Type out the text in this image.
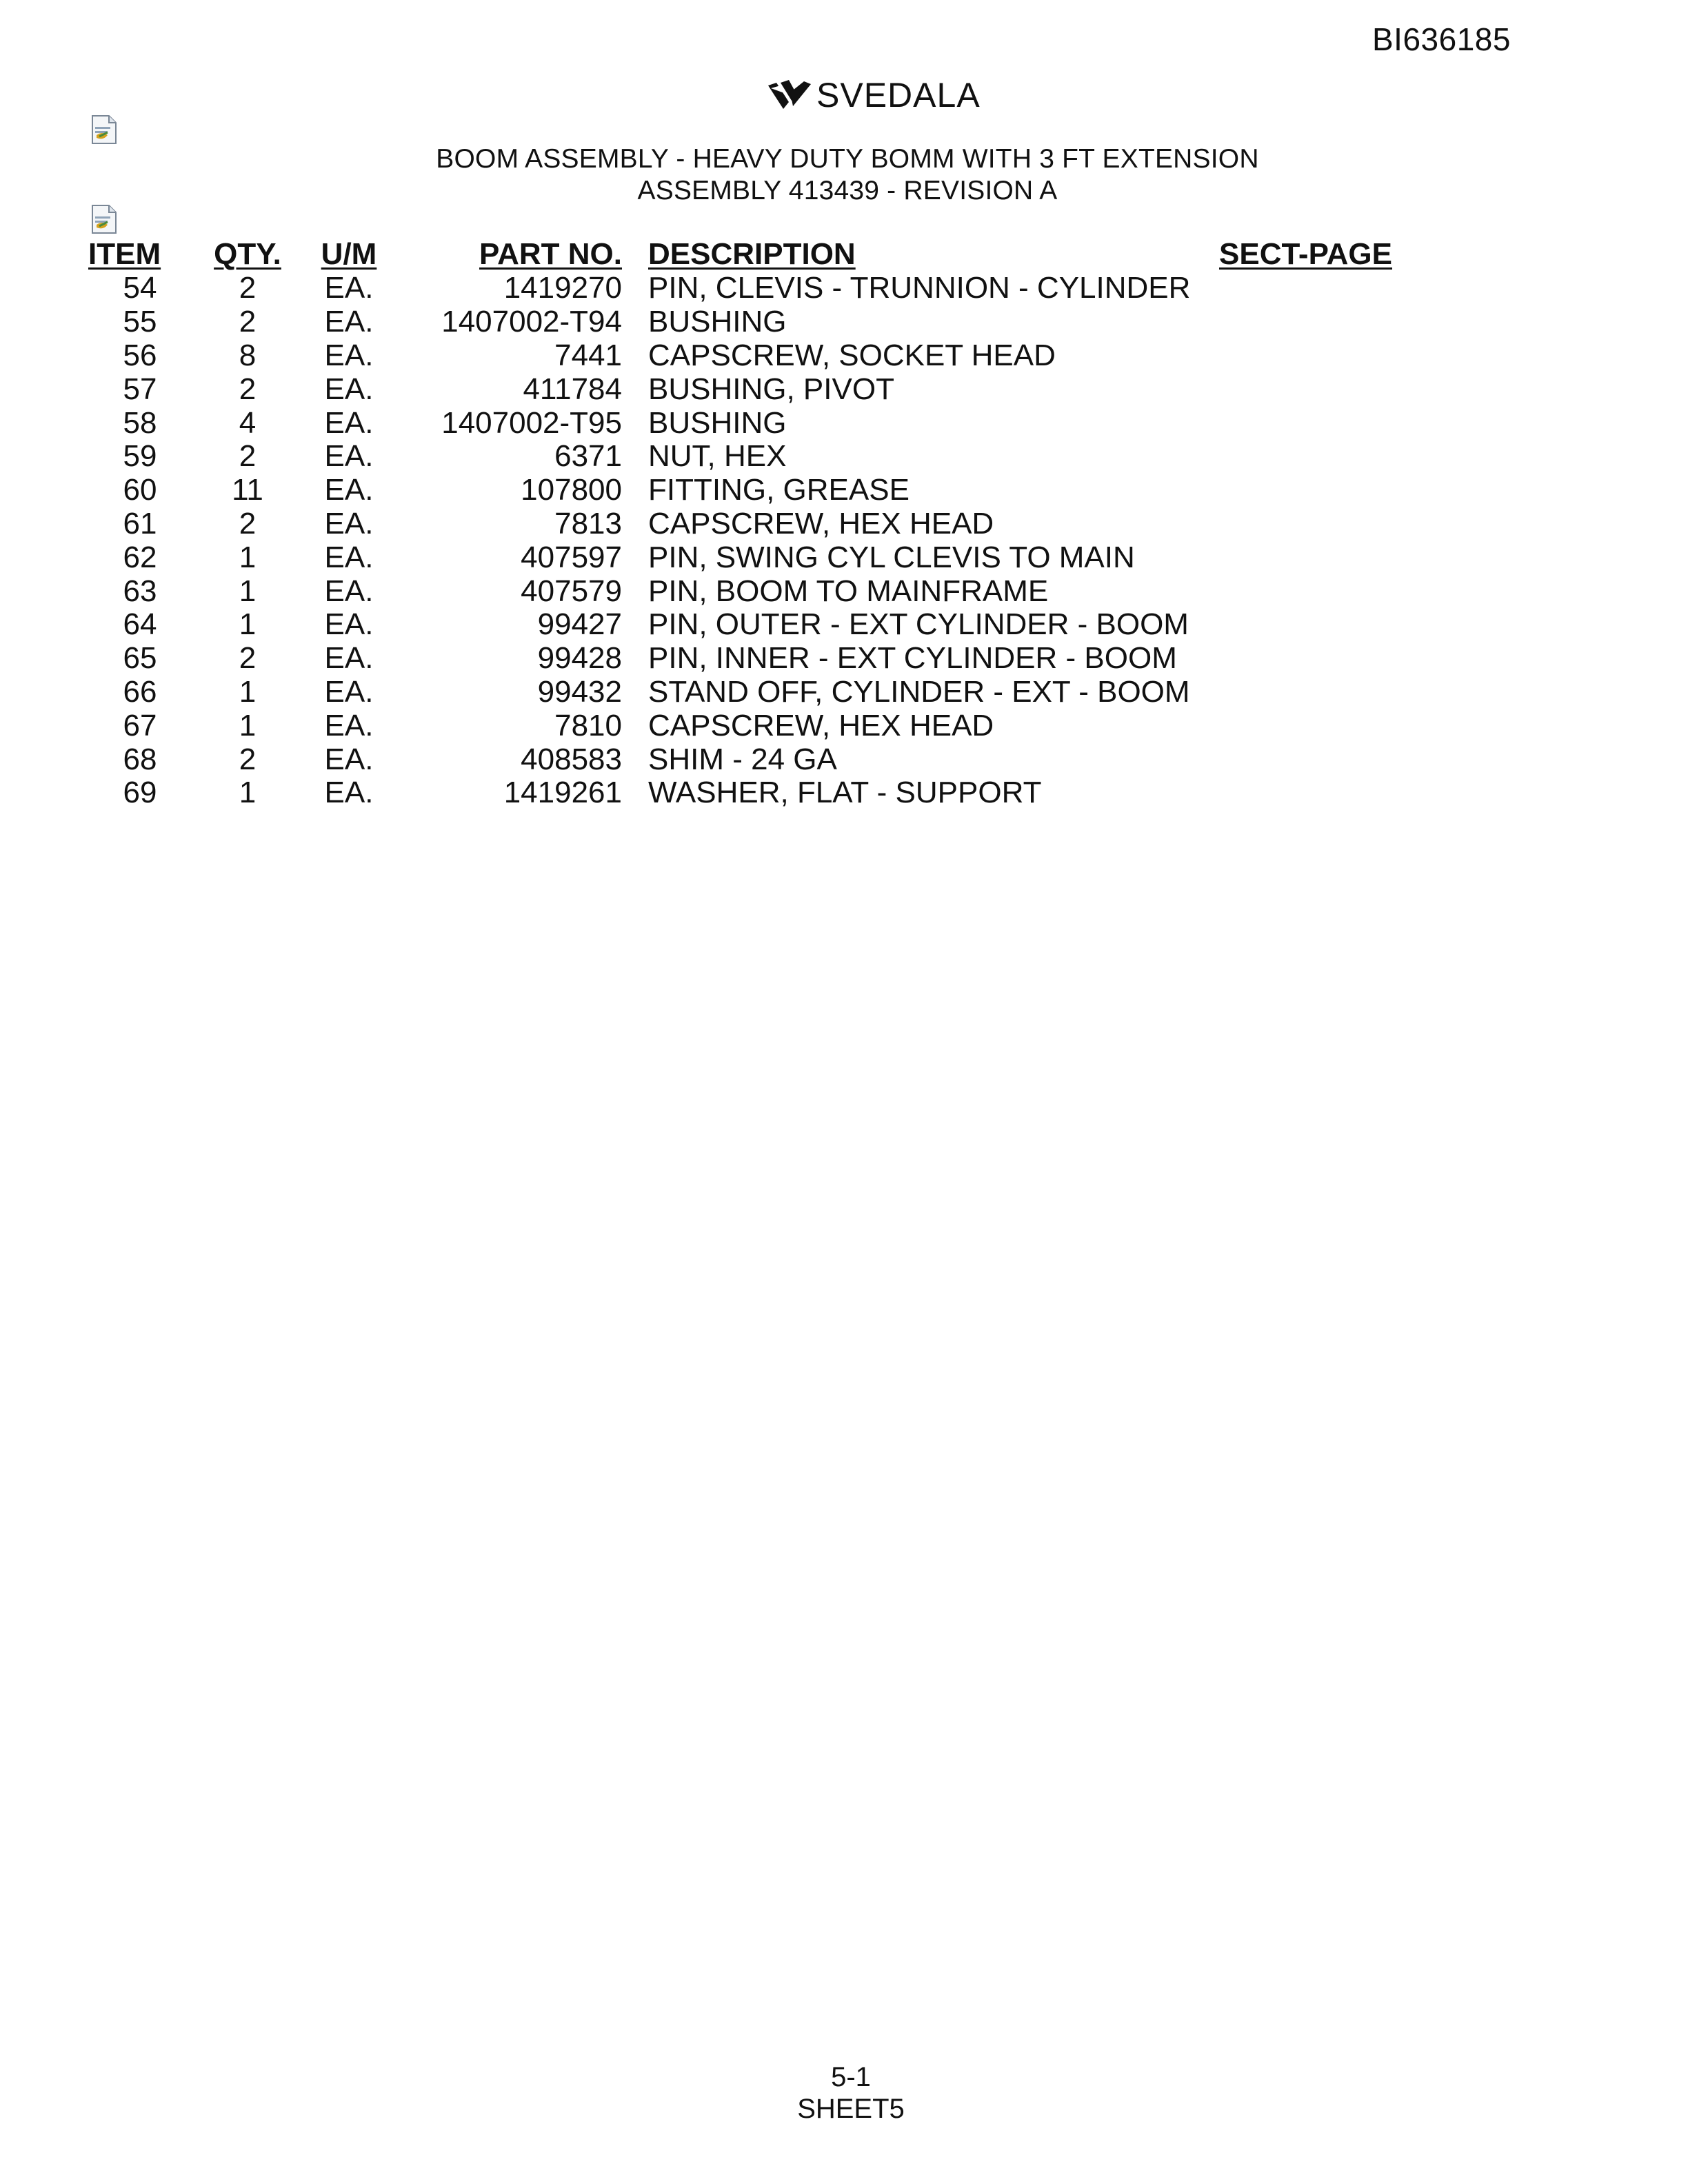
BI636185
SVEDALA
BOOM ASSEMBLY - HEAVY DUTY BOMM WITH 3 FT EXTENSION
ASSEMBLY 413439 - REVISION A
ITEM	QTY.	U/M	PART NO.	DESCRIPTION	SECT-PAGE
54	2	EA.	1419270	PIN, CLEVIS - TRUNNION - CYLINDER	
55	2	EA.	1407002-T94	BUSHING	
56	8	EA.	7441	CAPSCREW, SOCKET HEAD	
57	2	EA.	411784	BUSHING, PIVOT	
58	4	EA.	1407002-T95	BUSHING	
59	2	EA.	6371	NUT, HEX	
60	11	EA.	107800	FITTING, GREASE	
61	2	EA.	7813	CAPSCREW, HEX HEAD	
62	1	EA.	407597	PIN, SWING CYL CLEVIS TO MAIN	
63	1	EA.	407579	PIN, BOOM TO MAINFRAME	
64	1	EA.	99427	PIN, OUTER - EXT CYLINDER - BOOM	
65	2	EA.	99428	PIN, INNER - EXT CYLINDER - BOOM	
66	1	EA.	99432	STAND OFF, CYLINDER - EXT - BOOM	
67	1	EA.	7810	CAPSCREW, HEX HEAD	
68	2	EA.	408583	SHIM - 24 GA	
69	1	EA.	1419261	WASHER, FLAT - SUPPORT	
5-1
SHEET5
